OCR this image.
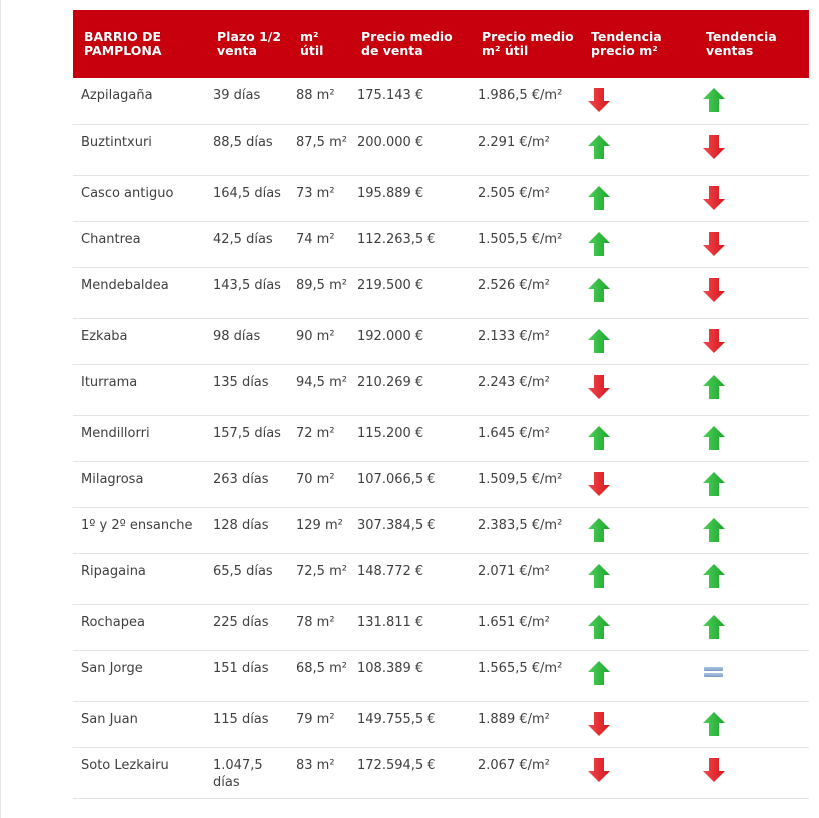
BARRIO DE PAMPLONA	Plazo 1/2 venta	m² útil	Precio medio de venta	Precio medio m² útil	Tendencia precio m²	Tendencia ventas
Azpilagaña	39 días	88 m²	175.143 €	1.986,5 €/m²	

Buztintxuri	88,5 días	87,5 m²	200.000 €	2.291 €/m²	

Casco antiguo	164,5 días	73 m²	195.889 €	2.505 €/m²	

Chantrea	42,5 días	74 m²	112.263,5 €	1.505,5 €/m²	

Mendebaldea	143,5 días	89,5 m²	219.500 €	2.526 €/m²	

Ezkaba	98 días	90 m²	192.000 €	2.133 €/m²	

Iturrama	135 días	94,5 m²	210.269 €	2.243 €/m²	

Mendillorri	157,5 días	72 m²	115.200 €	1.645 €/m²	

Milagrosa	263 días	70 m²	107.066,5 €	1.509,5 €/m²	

1º y 2º ensanche	128 días	129 m²	307.384,5 €	2.383,5 €/m²	

Ripagaina	65,5 días	72,5 m²	148.772 €	2.071 €/m²	

Rochapea	225 días	78 m²	131.811 €	1.651 €/m²	

San Jorge	151 días	68,5 m²	108.389 €	1.565,5 €/m²	

San Juan	115 días	79 m²	149.755,5 €	1.889 €/m²	

Soto Lezkairu	1.047,5 días	83 m²	172.594,5 €	2.067 €/m²	
